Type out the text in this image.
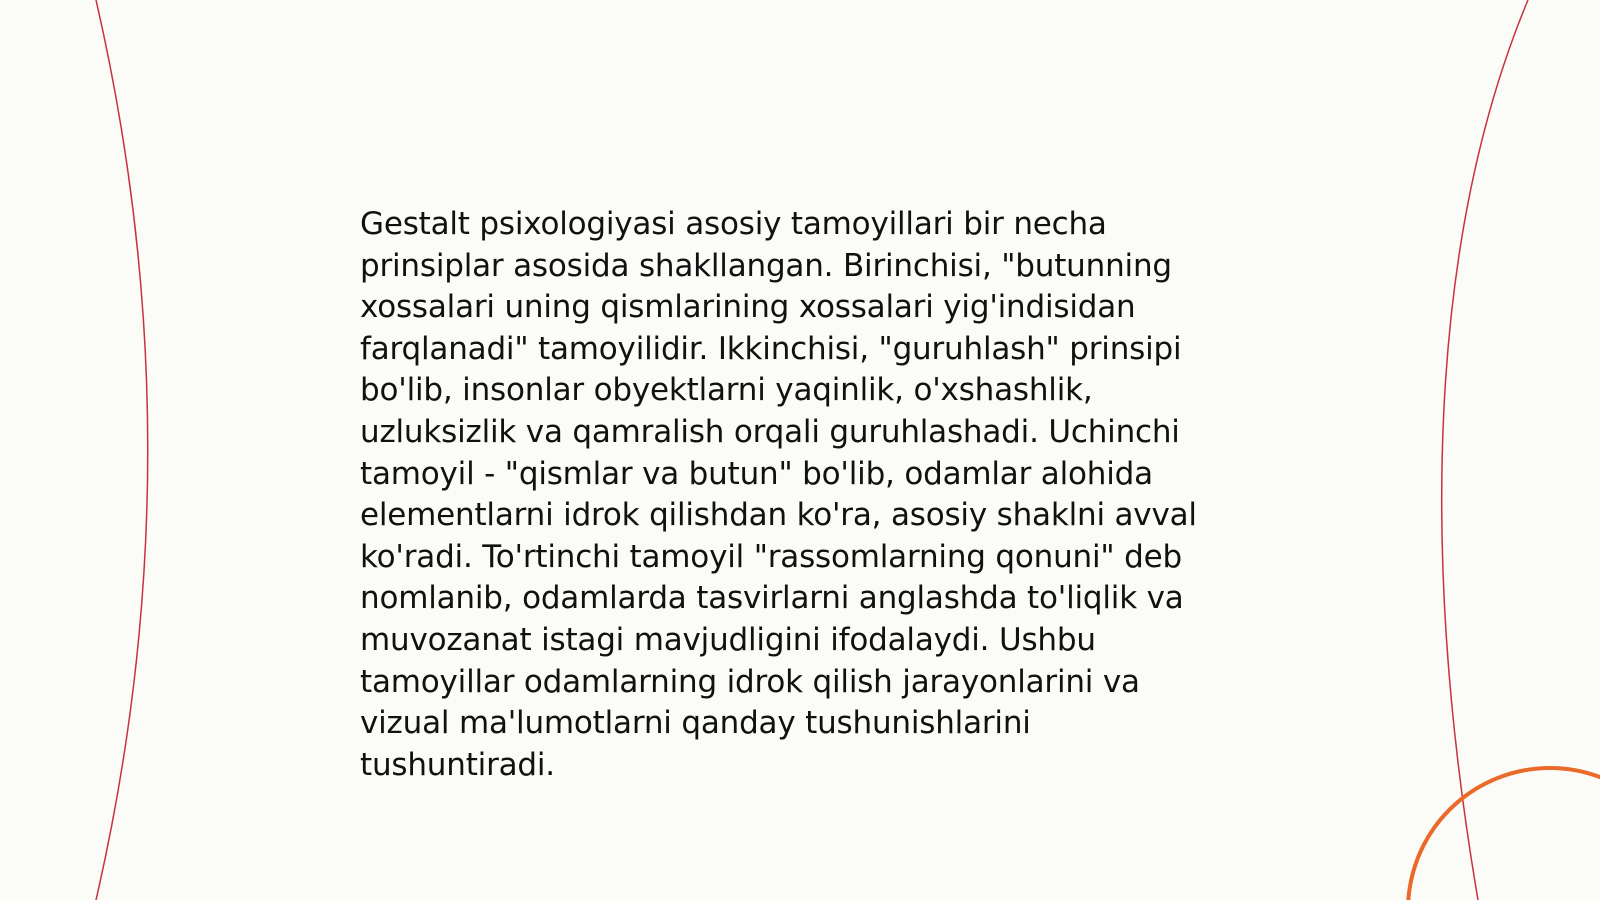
Gestalt psixologiyasi asosiy tamoyillari bir necha
prinsiplar asosida shakllangan. Birinchisi, "butunning
xossalari uning qismlarining xossalari yig'indisidan
farqlanadi" tamoyilidir. Ikkinchisi, "guruhlash" prinsipi
bo'lib, insonlar obyektlarni yaqinlik, o'xshashlik,
uzluksizlik va qamralish orqali guruhlashadi. Uchinchi
tamoyil - "qismlar va butun" bo'lib, odamlar alohida
elementlarni idrok qilishdan ko'ra, asosiy shaklni avval
ko'radi. To'rtinchi tamoyil "rassomlarning qonuni" deb
nomlanib, odamlarda tasvirlarni anglashda to'liqlik va
muvozanat istagi mavjudligini ifodalaydi. Ushbu
tamoyillar odamlarning idrok qilish jarayonlarini va
vizual ma'lumotlarni qanday tushunishlarini
tushuntiradi.
